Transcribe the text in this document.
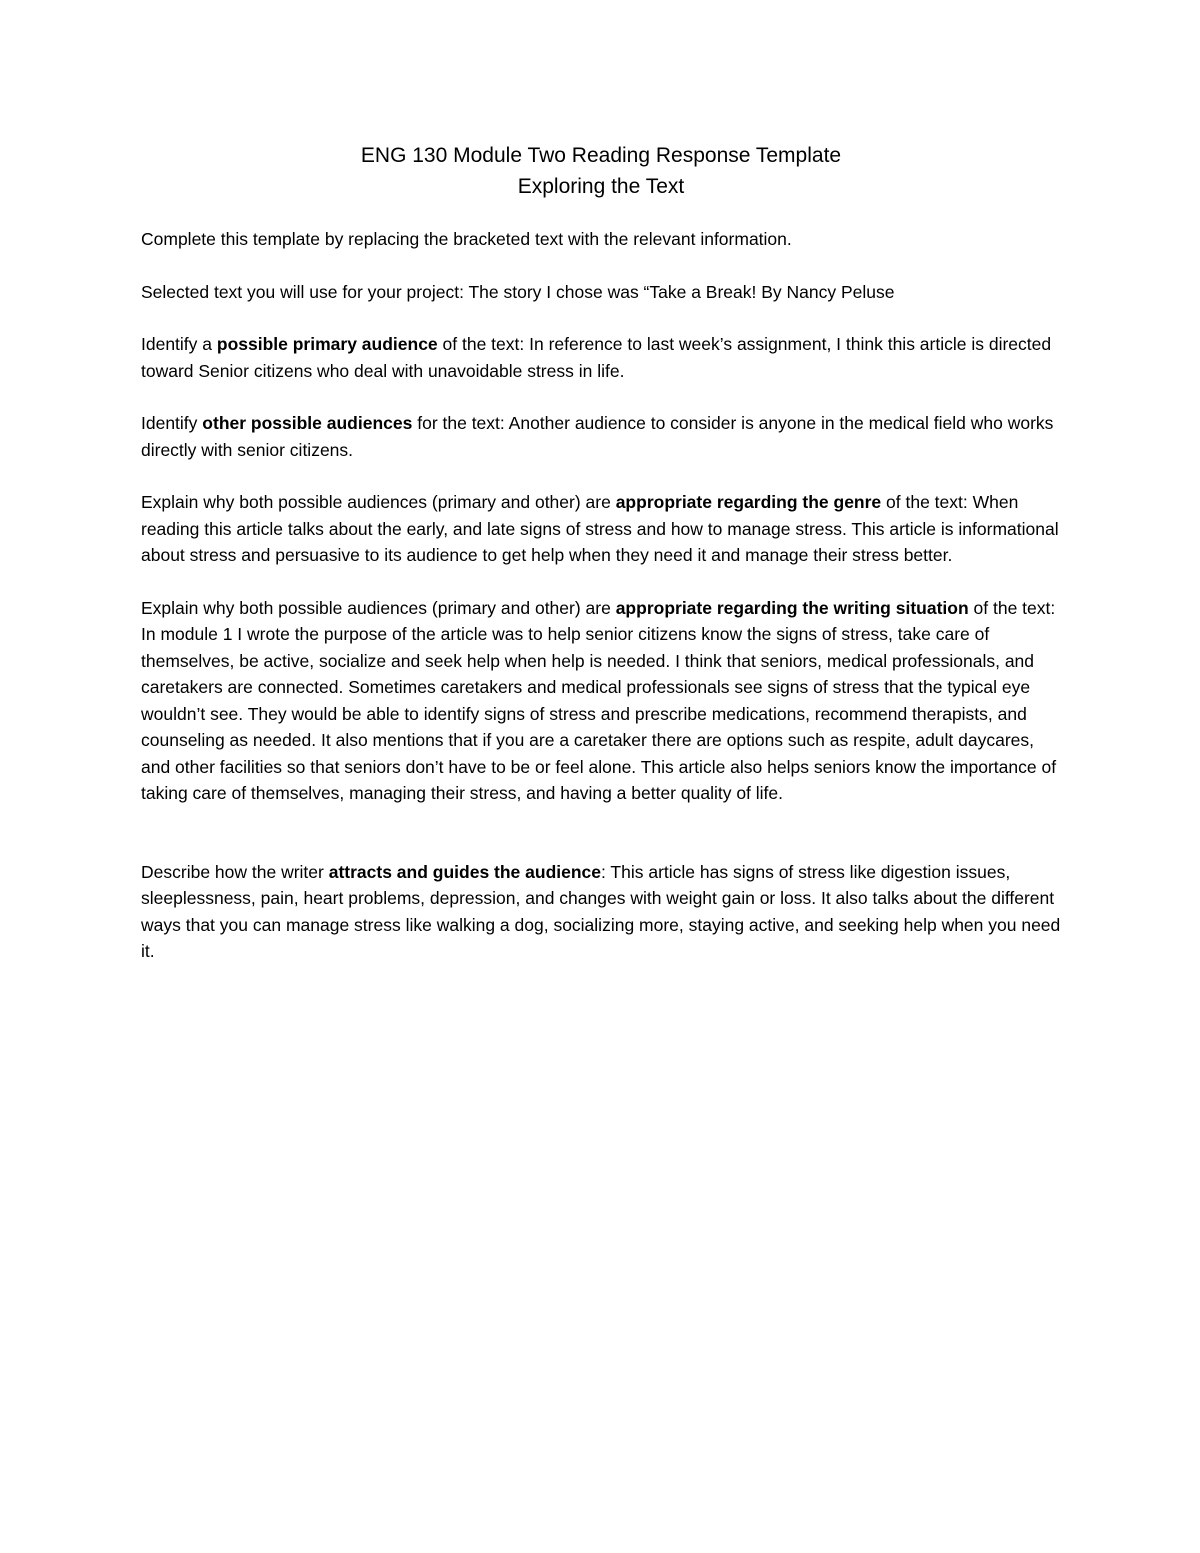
ENG 130 Module Two Reading Response Template

Exploring the Text

Complete this template by replacing the bracketed text with the relevant information.

Selected text you will use for your project: The story I chose was “Take a Break! By Nancy Peluse

Identify a possible primary audience of the text: In reference to last week’s assignment, I think this article is directed toward Senior citizens who deal with unavoidable stress in life.

Identify other possible audiences for the text: Another audience to consider is anyone in the medical field who works directly with senior citizens.

Explain why both possible audiences (primary and other) are appropriate regarding the genre of the text: When reading this article talks about the early, and late signs of stress and how to manage stress. This article is informational about stress and persuasive to its audience to get help when they need it and manage their stress better.

Explain why both possible audiences (primary and other) are appropriate regarding the writing situation of the text: In module 1 I wrote the purpose of the article was to help senior citizens know the signs of stress, take care of themselves, be active, socialize and seek help when help is needed. I think that seniors, medical professionals, and caretakers are connected. Sometimes caretakers and medical professionals see signs of stress that the typical eye wouldn’t see. They would be able to identify signs of stress and prescribe medications, recommend therapists, and counseling as needed. It also mentions that if you are a caretaker there are options such as respite, adult daycares, and other facilities so that seniors don’t have to be or feel alone. This article also helps seniors know the importance of taking care of themselves, managing their stress, and having a better quality of life.

Describe how the writer attracts and guides the audience: This article has signs of stress like digestion issues, sleeplessness, pain, heart problems, depression, and changes with weight gain or loss. It also talks about the different ways that you can manage stress like walking a dog, socializing more, staying active, and seeking help when you need it.
